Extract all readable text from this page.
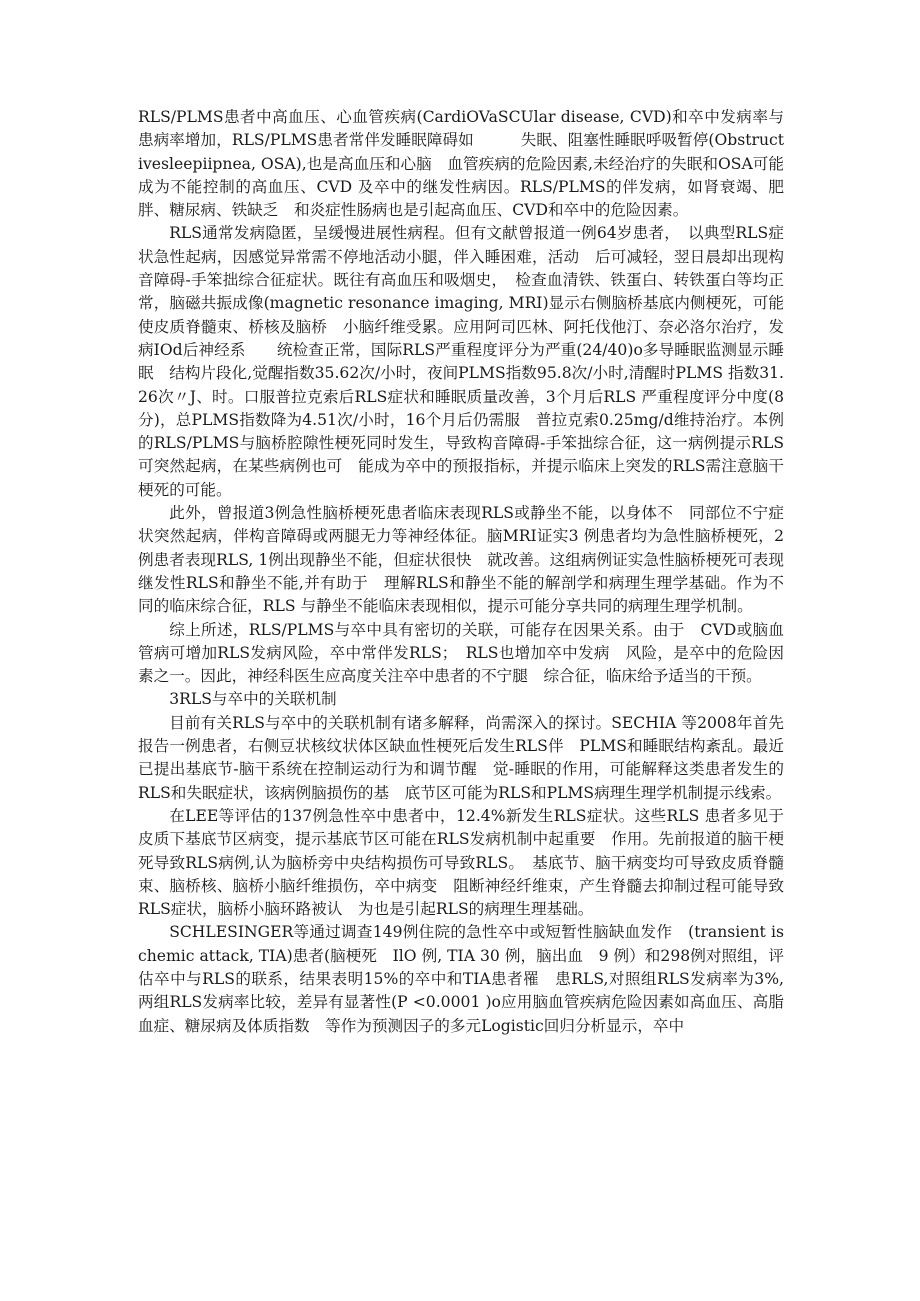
RLS/PLMS患者中高血压、心血管疾病(CardiOVaSCUlar disease, CVD)和卒中发病率与患病率增加，RLS/PLMS患者常伴发睡眠障碍如　　　失眠、阻塞性睡眠呼吸暂停(Obstructivesleepiipnea, OSA),也是高血压和心脑　血管疾病的危险因素,未经治疗的失眠和OSA可能成为不能控制的高血压、CVD 及卒中的继发性病因。RLS/PLMS的伴发病，如肾衰竭、肥胖、糖尿病、铁缺乏　和炎症性肠病也是引起高血压、CVD和卒中的危险因素。

RLS通常发病隐匿，呈缓慢进展性病程。但有文献曾报道一例64岁患者，　以典型RLS症状急性起病，因感觉异常需不停地活动小腿，伴入睡困难，活动　后可减轻，翌日晨却出现构音障碍-手笨拙综合征症状。既往有高血压和吸烟史，　检查血清铁、铁蛋白、转铁蛋白等均正常，脑磁共振成像(magnetic resonance imaging, MRI)显示右侧脑桥基底内侧梗死，可能使皮质脊髓束、桥核及脑桥　小脑纤维受累。应用阿司匹林、阿托伐他汀、奈必洛尔治疗，发病IOd后神经系　　统检查正常，国际RLS严重程度评分为严重(24/40)o多导睡眠监测显示睡眠　结构片段化,觉醒指数35.62次/小时，夜间PLMS指数95.8次/小时,清醒时PLMS 指数31.26次〃J、时。口服普拉克索后RLS症状和睡眠质量改善，3个月后RLS 严重程度评分中度(8分)，总PLMS指数降为4.51次/小时，16个月后仍需服　普拉克索0.25mg/d维持治疗。本例的RLS/PLMS与脑桥腔隙性梗死同时发生，导致构音障碍-手笨拙综合征，这一病例提示RLS可突然起病，在某些病例也可　能成为卒中的预报指标，并提示临床上突发的RLS需注意脑干梗死的可能。

此外，曾报道3例急性脑桥梗死患者临床表现RLS或静坐不能，以身体不　同部位不宁症状突然起病，伴构音障碍或两腿无力等神经体征。脑MRI证实3 例患者均为急性脑桥梗死，2例患者表现RLS, 1例出现静坐不能，但症状很快　就改善。这组病例证实急性脑桥梗死可表现继发性RLS和静坐不能,并有助于　理解RLS和静坐不能的解剖学和病理生理学基础。作为不同的临床综合征，RLS 与静坐不能临床表现相似，提示可能分享共同的病理生理学机制。

综上所述，RLS/PLMS与卒中具有密切的关联，可能存在因果关系。由于　CVD或脑血管病可增加RLS发病风险，卒中常伴发RLS；　RLS也增加卒中发病　风险，是卒中的危险因素之一。因此，神经科医生应高度关注卒中患者的不宁腿　综合征，临床给予适当的干预。

3RLS与卒中的关联机制

目前有关RLS与卒中的关联机制有诸多解释，尚需深入的探讨。SECHIA 等2008年首先报告一例患者，右侧豆状核纹状体区缺血性梗死后发生RLS伴　PLMS和睡眠结构紊乱。最近已提出基底节-脑干系统在控制运动行为和调节醒　觉-睡眠的作用，可能解释这类患者发生的RLS和失眠症状，该病例脑损伤的基　底节区可能为RLS和PLMS病理生理学机制提示线索。

在LEE等评估的137例急性卒中患者中，12.4%新发生RLS症状。这些RLS 患者多见于皮质下基底节区病变，提示基底节区可能在RLS发病机制中起重要　作用。先前报道的脑干梗死导致RLS病例,认为脑桥旁中央结构损伤可导致RLS。　基底节、脑干病变均可导致皮质脊髓束、脑桥核、脑桥小脑纤维损伤，卒中病变　阻断神经纤维束，产生脊髓去抑制过程可能导致RLS症状，脑桥小脑环路被认　为也是引起RLS的病理生理基础。

SCHLESINGER等通过调查149例住院的急性卒中或短暂性脑缺血发作　(transient ischemic attack, TIA)患者(脑梗死　IlO 例, TIA 30 例，脑出血　9 例）和298例对照组，评估卒中与RLS的联系，结果表明15%的卒中和TIA患者罹　患RLS,对照组RLS发病率为3%,两组RLS发病率比较，差异有显著性(P <0.0001 )o应用脑血管疾病危险因素如高血压、高脂血症、糖尿病及体质指数　等作为预测因子的多元Logistic回归分析显示，卒中
